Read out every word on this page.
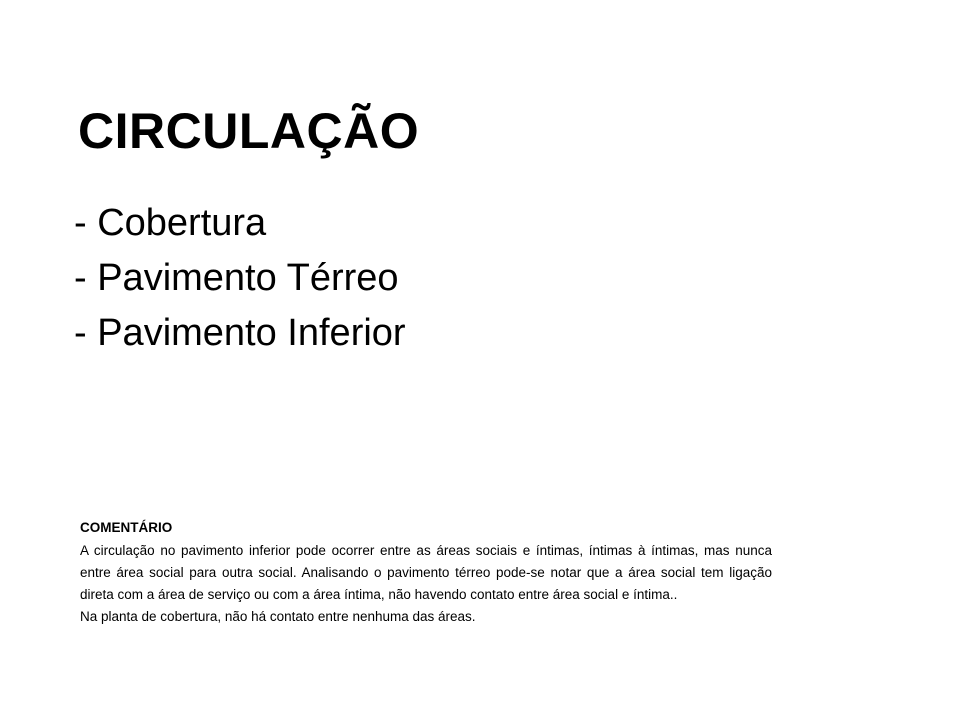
CIRCULAÇÃO

- Cobertura

- Pavimento Térreo

- Pavimento Inferior

COMENTÁRIO

A circulação no pavimento inferior pode ocorrer entre as áreas sociais e íntimas, íntimas à íntimas, mas nunca entre área social para outra social. Analisando o pavimento térreo pode-se notar que a área social tem ligação direta com a área de serviço ou com a área íntima, não havendo contato entre área social e íntima..

Na planta de cobertura, não há contato entre nenhuma das áreas.
